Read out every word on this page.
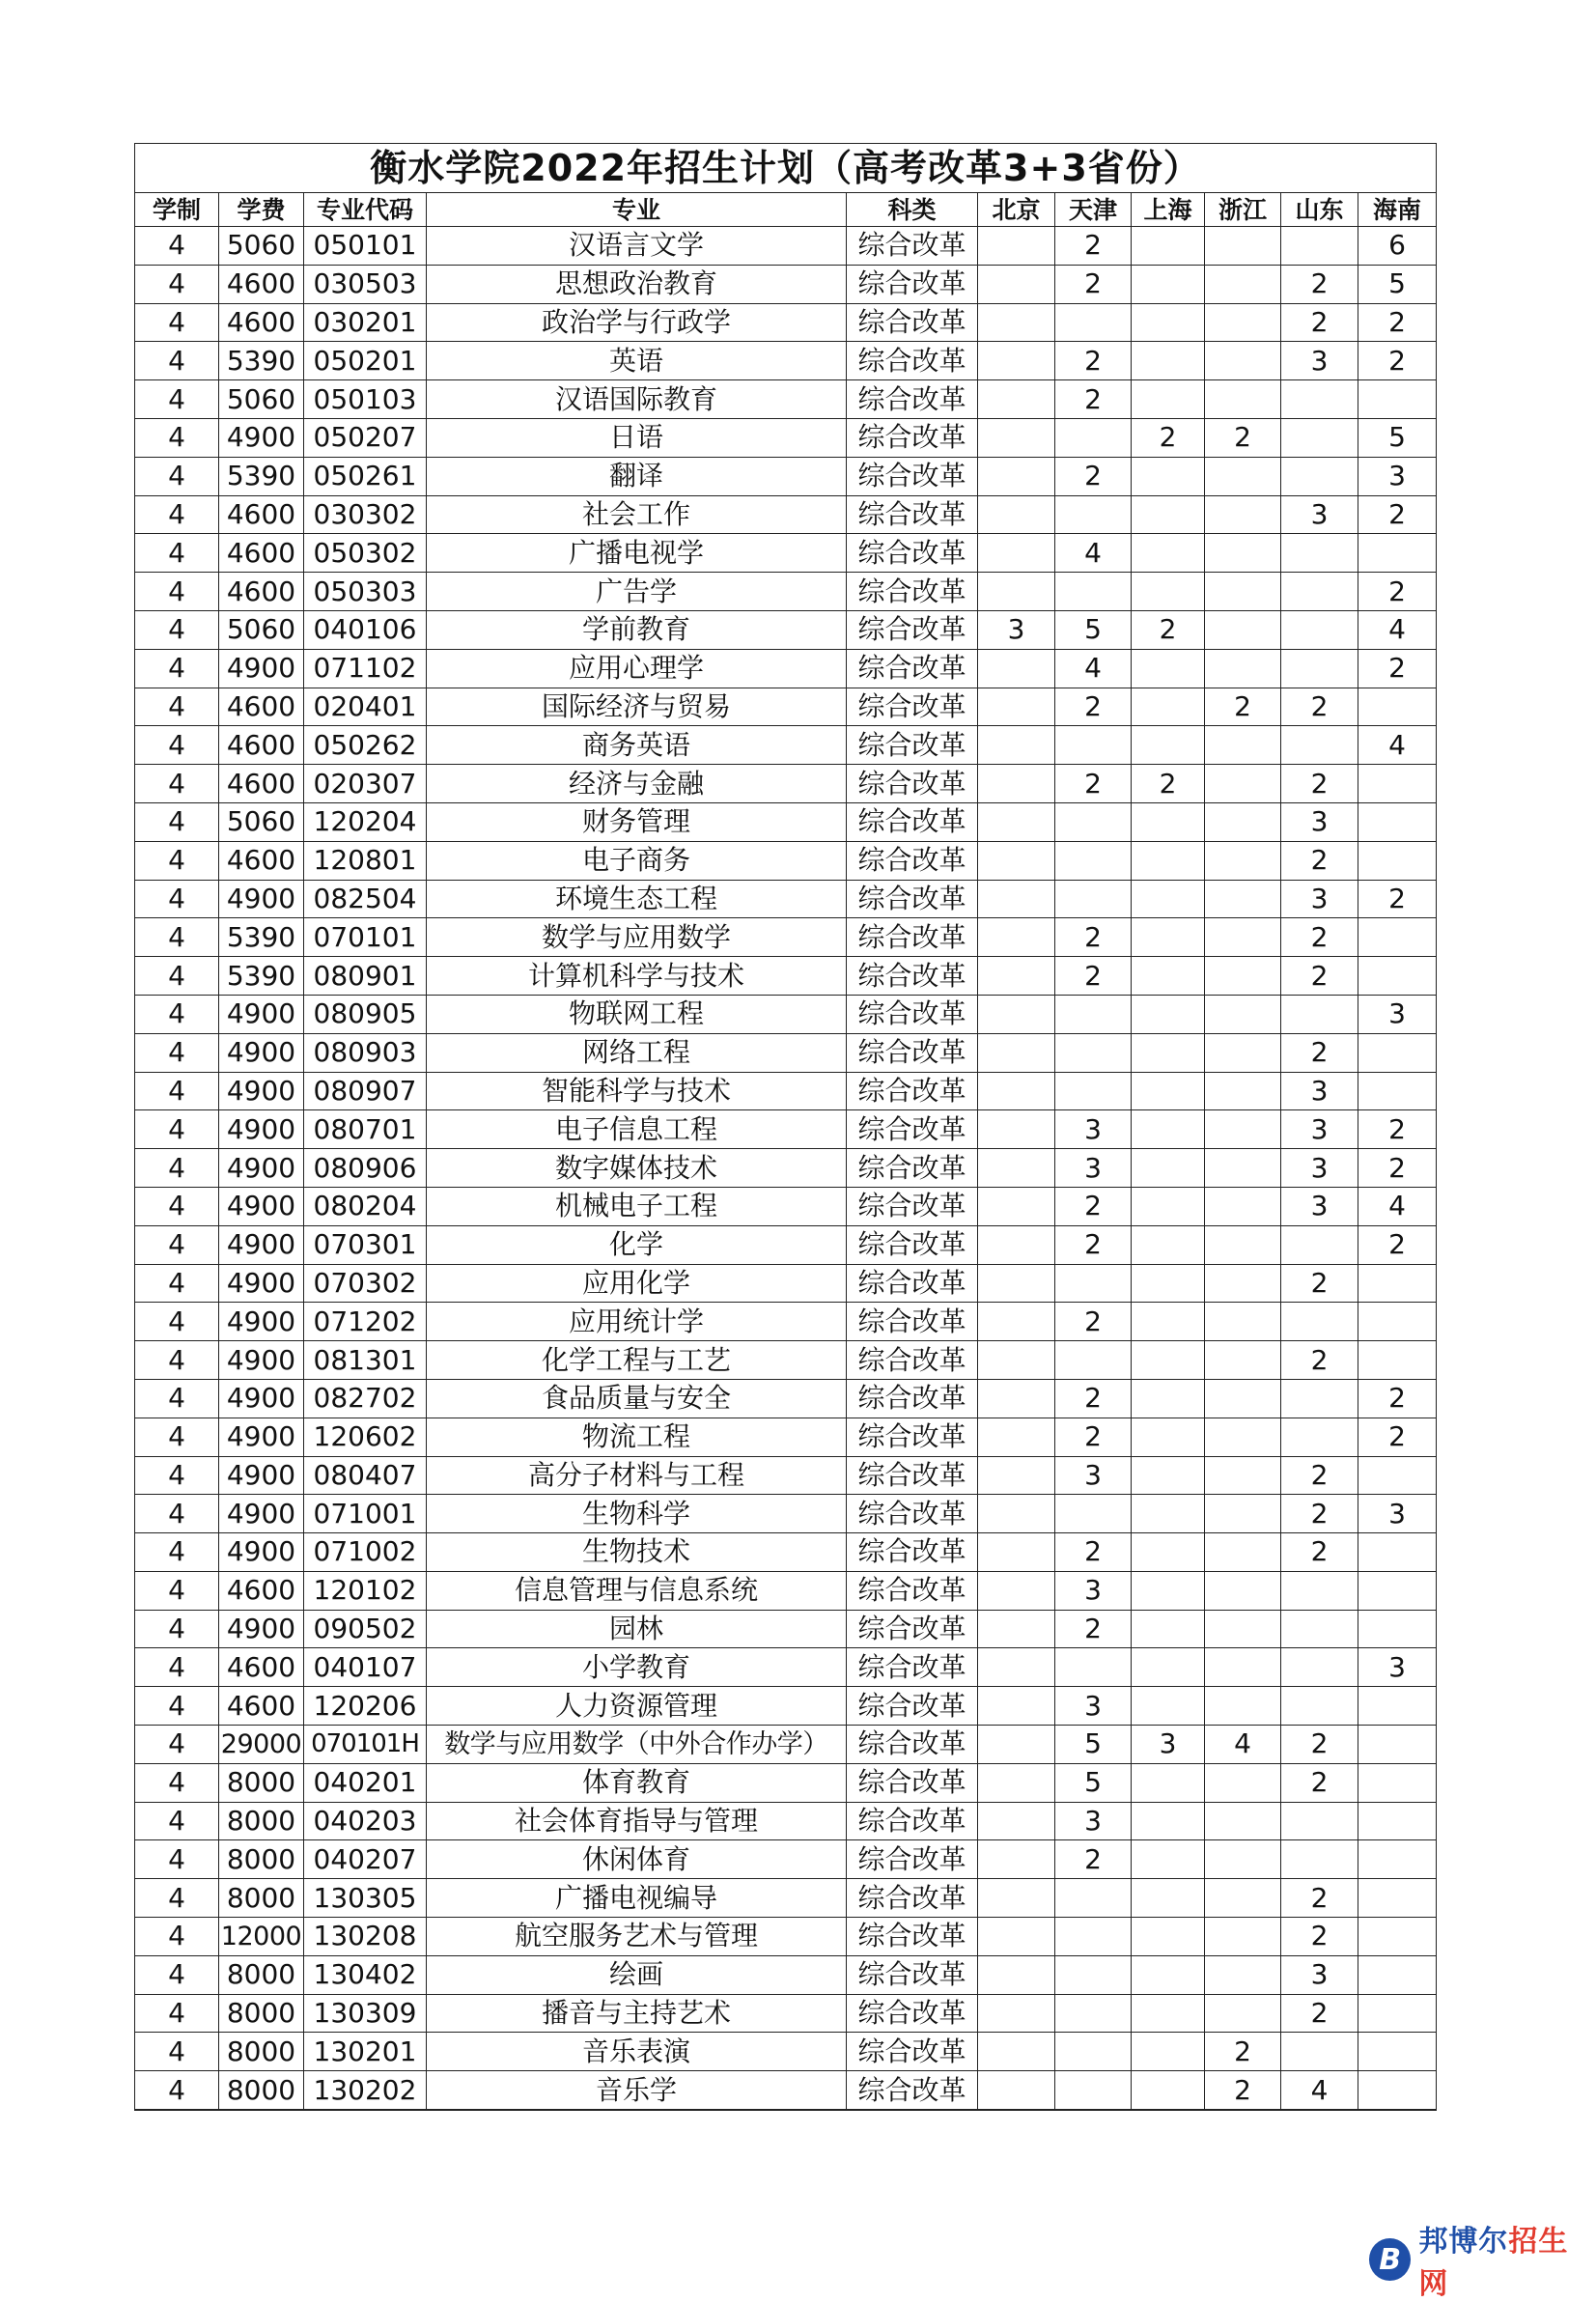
衡水学院2022年招生计划（高考改革3+3省份）										
学制	学费	专业代码	专业	科类	北京	天津	上海	浙江	山东	海南
4	5060	050101	汉语言文学	综合改革		2				6
4	4600	030503	思想政治教育	综合改革		2			2	5
4	4600	030201	政治学与行政学	综合改革					2	2
4	5390	050201	英语	综合改革		2			3	2
4	5060	050103	汉语国际教育	综合改革		2				
4	4900	050207	日语	综合改革			2	2		5
4	5390	050261	翻译	综合改革		2				3
4	4600	030302	社会工作	综合改革					3	2
4	4600	050302	广播电视学	综合改革		4				
4	4600	050303	广告学	综合改革						2
4	5060	040106	学前教育	综合改革	3	5	2			4
4	4900	071102	应用心理学	综合改革		4				2
4	4600	020401	国际经济与贸易	综合改革		2		2	2	
4	4600	050262	商务英语	综合改革						4
4	4600	020307	经济与金融	综合改革		2	2		2	
4	5060	120204	财务管理	综合改革					3	
4	4600	120801	电子商务	综合改革					2	
4	4900	082504	环境生态工程	综合改革					3	2
4	5390	070101	数学与应用数学	综合改革		2			2	
4	5390	080901	计算机科学与技术	综合改革		2			2	
4	4900	080905	物联网工程	综合改革						3
4	4900	080903	网络工程	综合改革					2	
4	4900	080907	智能科学与技术	综合改革					3	
4	4900	080701	电子信息工程	综合改革		3			3	2
4	4900	080906	数字媒体技术	综合改革		3			3	2
4	4900	080204	机械电子工程	综合改革		2			3	4
4	4900	070301	化学	综合改革		2				2
4	4900	070302	应用化学	综合改革					2	
4	4900	071202	应用统计学	综合改革		2				
4	4900	081301	化学工程与工艺	综合改革					2	
4	4900	082702	食品质量与安全	综合改革		2				2
4	4900	120602	物流工程	综合改革		2				2
4	4900	080407	高分子材料与工程	综合改革		3			2	
4	4900	071001	生物科学	综合改革					2	3
4	4900	071002	生物技术	综合改革		2			2	
4	4600	120102	信息管理与信息系统	综合改革		3				
4	4900	090502	园林	综合改革		2				
4	4600	040107	小学教育	综合改革						3
4	4600	120206	人力资源管理	综合改革		3				
4	29000	070101H	数学与应用数学（中外合作办学）	综合改革		5	3	4	2	
4	8000	040201	体育教育	综合改革		5			2	
4	8000	040203	社会体育指导与管理	综合改革		3				
4	8000	040207	休闲体育	综合改革		2				
4	8000	130305	广播电视编导	综合改革					2	
4	12000	130208	航空服务艺术与管理	综合改革					2	
4	8000	130402	绘画	综合改革					3	
4	8000	130309	播音与主持艺术	综合改革					2	
4	8000	130201	音乐表演	综合改革				2		
4	8000	130202	音乐学	综合改革				2	4	
B
邦博尔招生网
